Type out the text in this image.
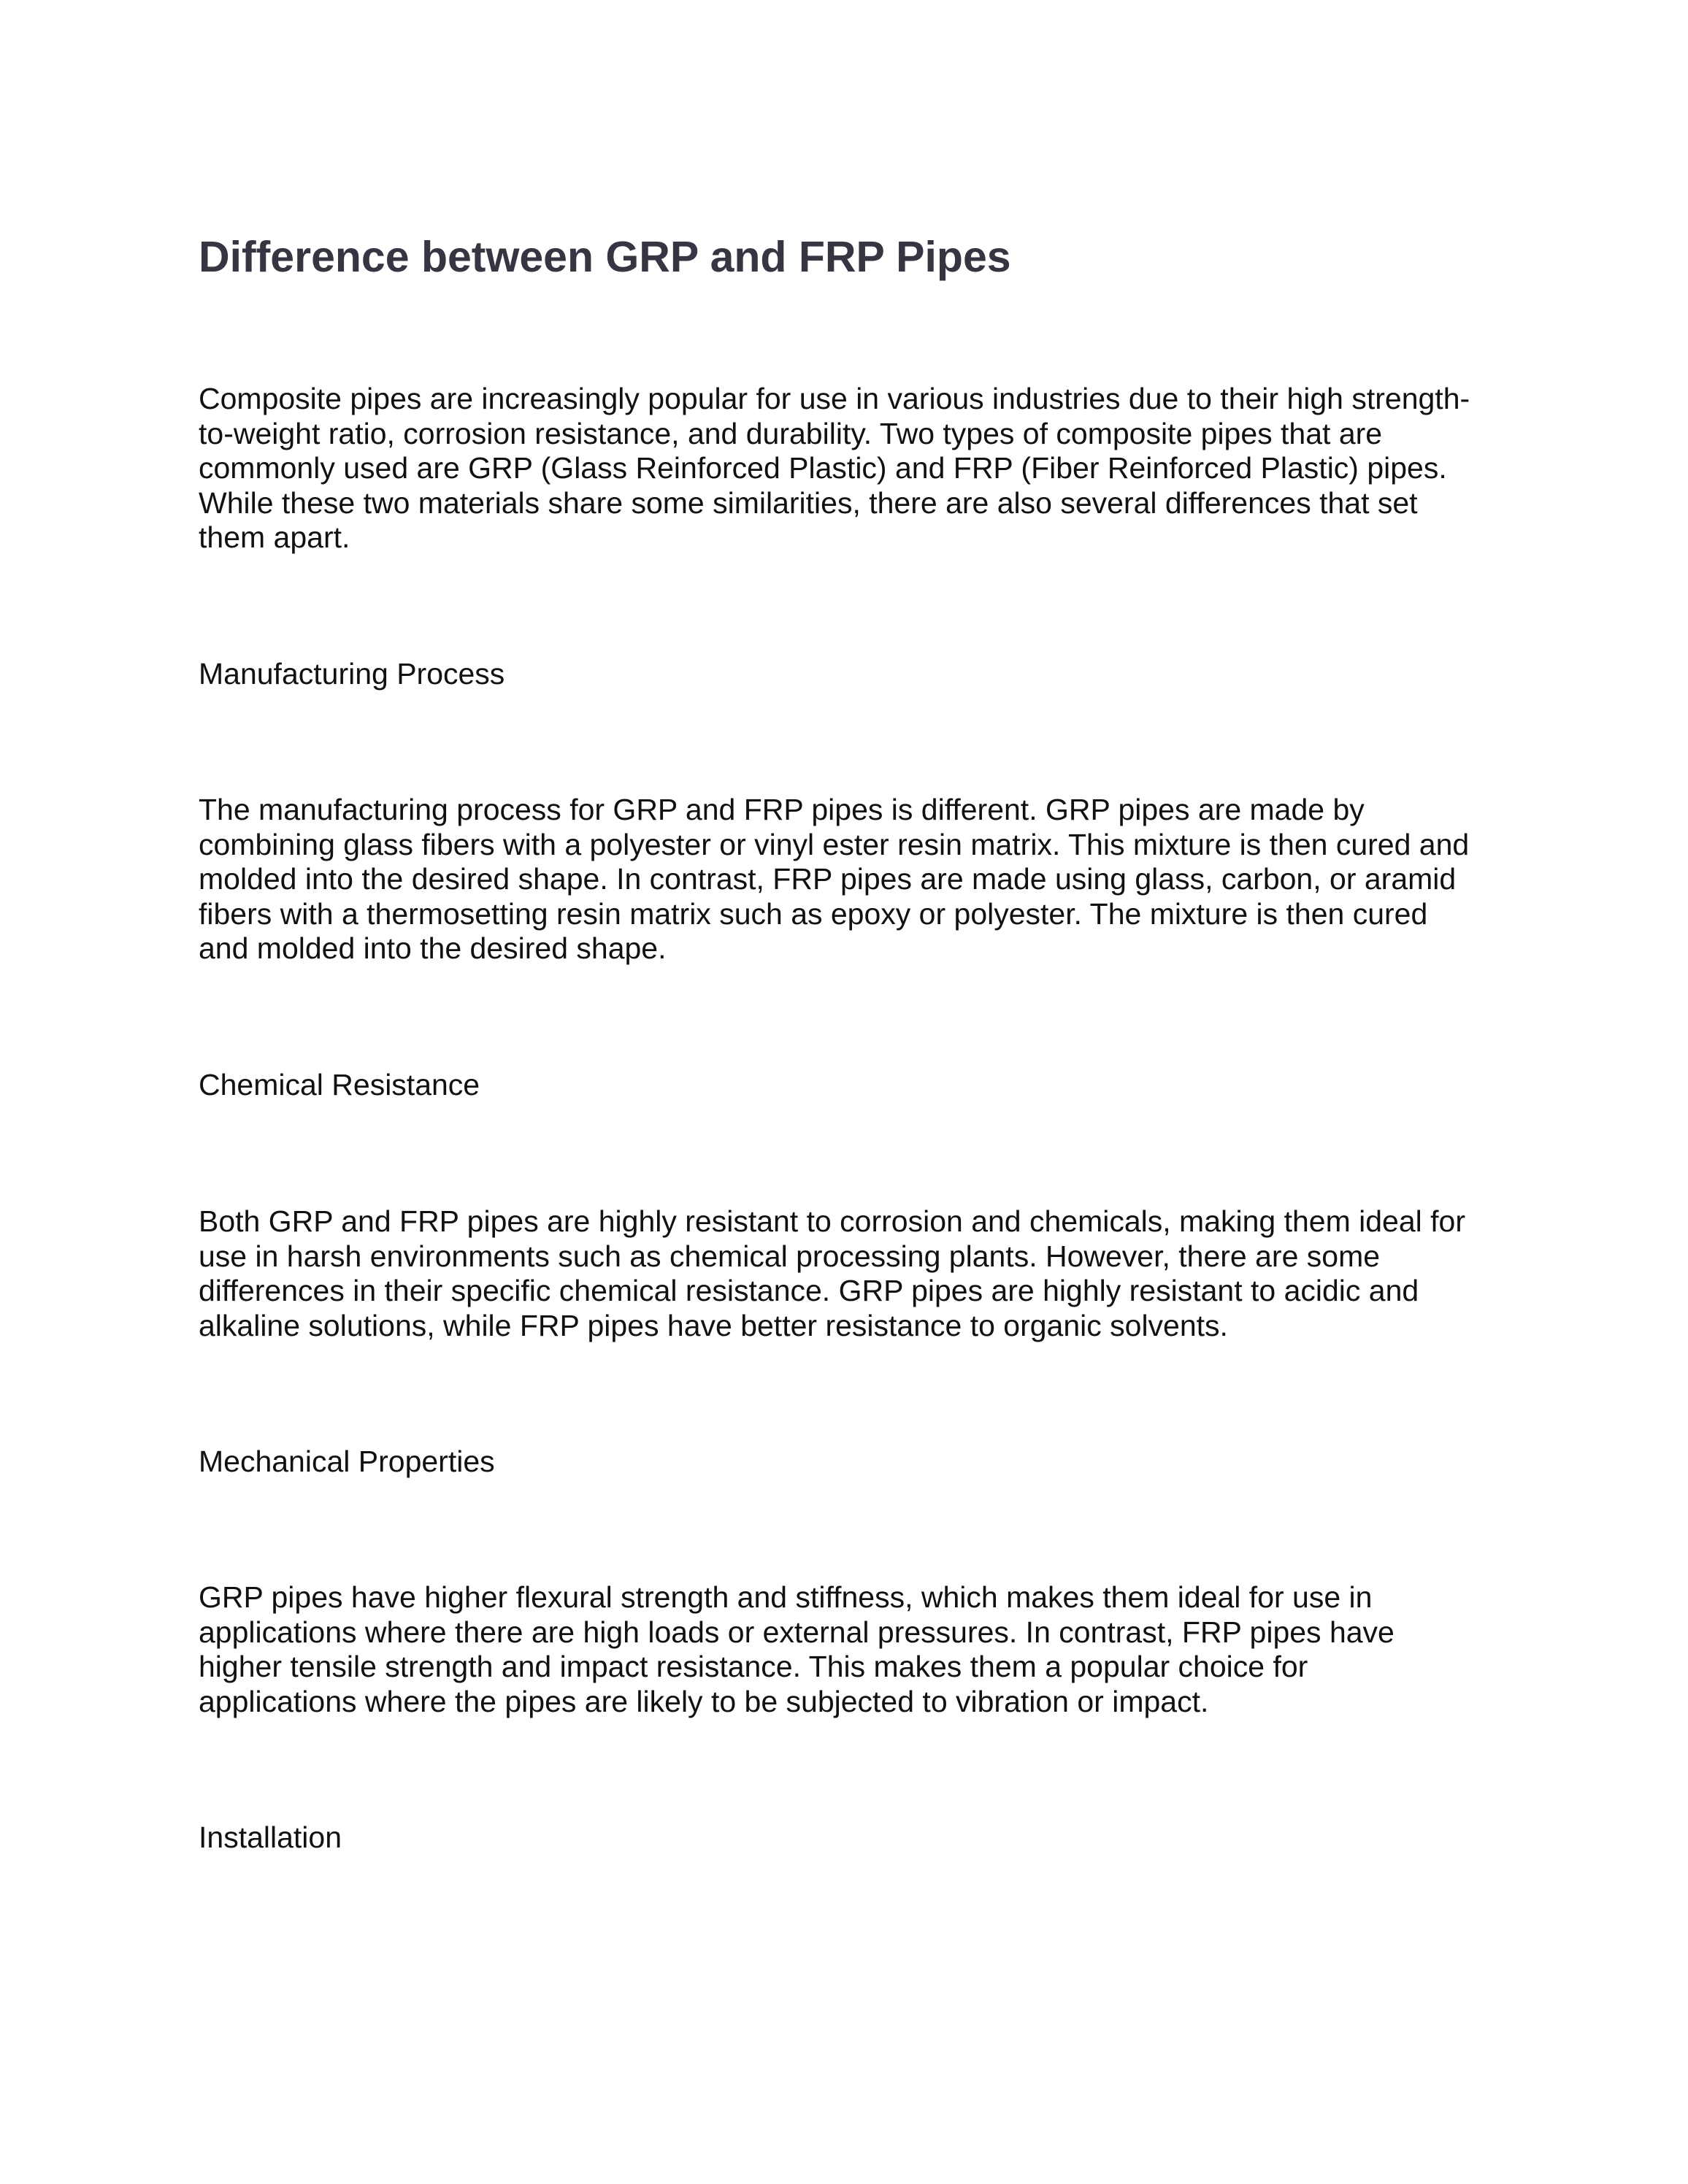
Difference between GRP and FRP Pipes

Composite pipes are increasingly popular for use in various industries due to their high strength-
to-weight ratio, corrosion resistance, and durability. Two types of composite pipes that are
commonly used are GRP (Glass Reinforced Plastic) and FRP (Fiber Reinforced Plastic) pipes.
While these two materials share some similarities, there are also several differences that set
them apart.

Manufacturing Process

The manufacturing process for GRP and FRP pipes is different. GRP pipes are made by
combining glass fibers with a polyester or vinyl ester resin matrix. This mixture is then cured and
molded into the desired shape. In contrast, FRP pipes are made using glass, carbon, or aramid
fibers with a thermosetting resin matrix such as epoxy or polyester. The mixture is then cured
and molded into the desired shape.

Chemical Resistance

Both GRP and FRP pipes are highly resistant to corrosion and chemicals, making them ideal for
use in harsh environments such as chemical processing plants. However, there are some
differences in their specific chemical resistance. GRP pipes are highly resistant to acidic and
alkaline solutions, while FRP pipes have better resistance to organic solvents.

Mechanical Properties

GRP pipes have higher flexural strength and stiffness, which makes them ideal for use in
applications where there are high loads or external pressures. In contrast, FRP pipes have
higher tensile strength and impact resistance. This makes them a popular choice for
applications where the pipes are likely to be subjected to vibration or impact.

Installation
